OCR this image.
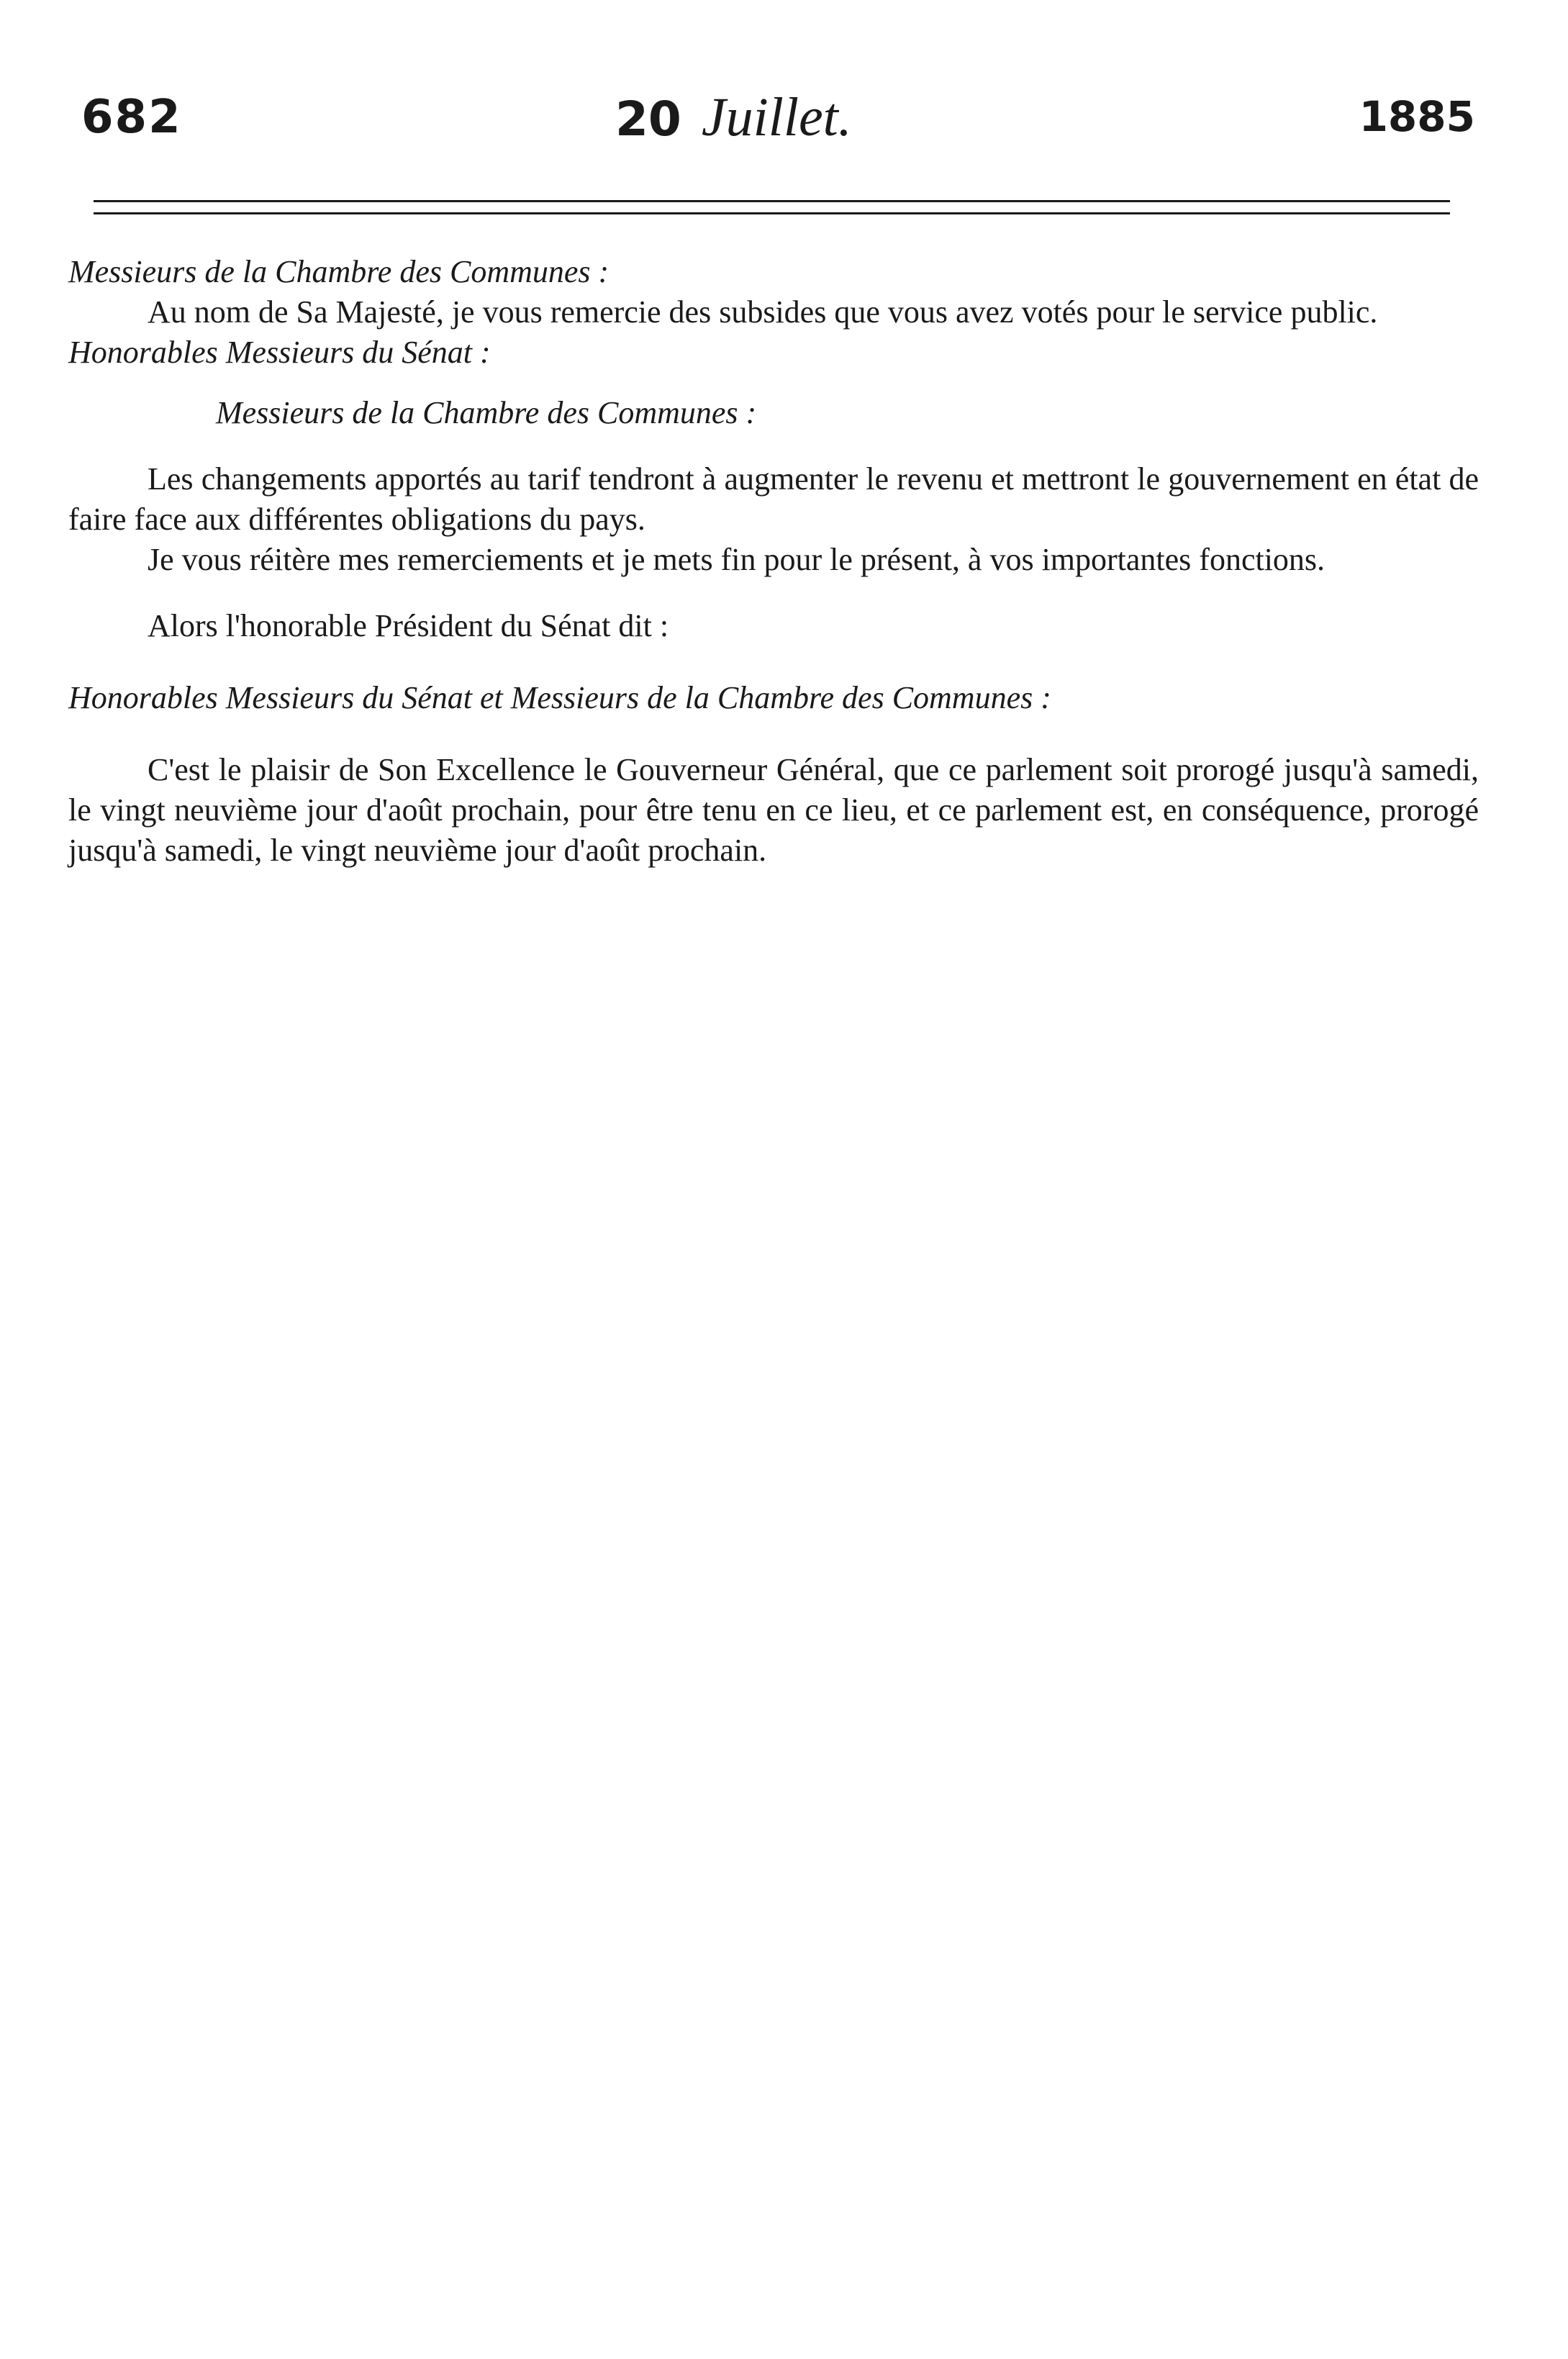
682	20 Juillet.	1885

Messieurs de la Chambre des Communes :

Au nom de Sa Majesté, je vous remercie des subsides que vous avez votés pour le service public.

Honorables Messieurs du Sénat :

Messieurs de la Chambre des Communes :

Les changements apportés au tarif tendront à augmenter le revenu et mettront le gouvernement en état de faire face aux différentes obligations du pays.

Je vous réitère mes remerciements et je mets fin pour le présent, à vos importantes fonctions.

Alors l'honorable Président du Sénat dit :

Honorables Messieurs du Sénat et Messieurs de la Chambre des Communes :

C'est le plaisir de Son Excellence le Gouverneur Général, que ce parlement soit prorogé jusqu'à samedi, le vingt neuvième jour d'août prochain, pour être tenu en ce lieu, et ce parlement est, en conséquence, prorogé jusqu'à samedi, le vingt neuvième jour d'août prochain.
